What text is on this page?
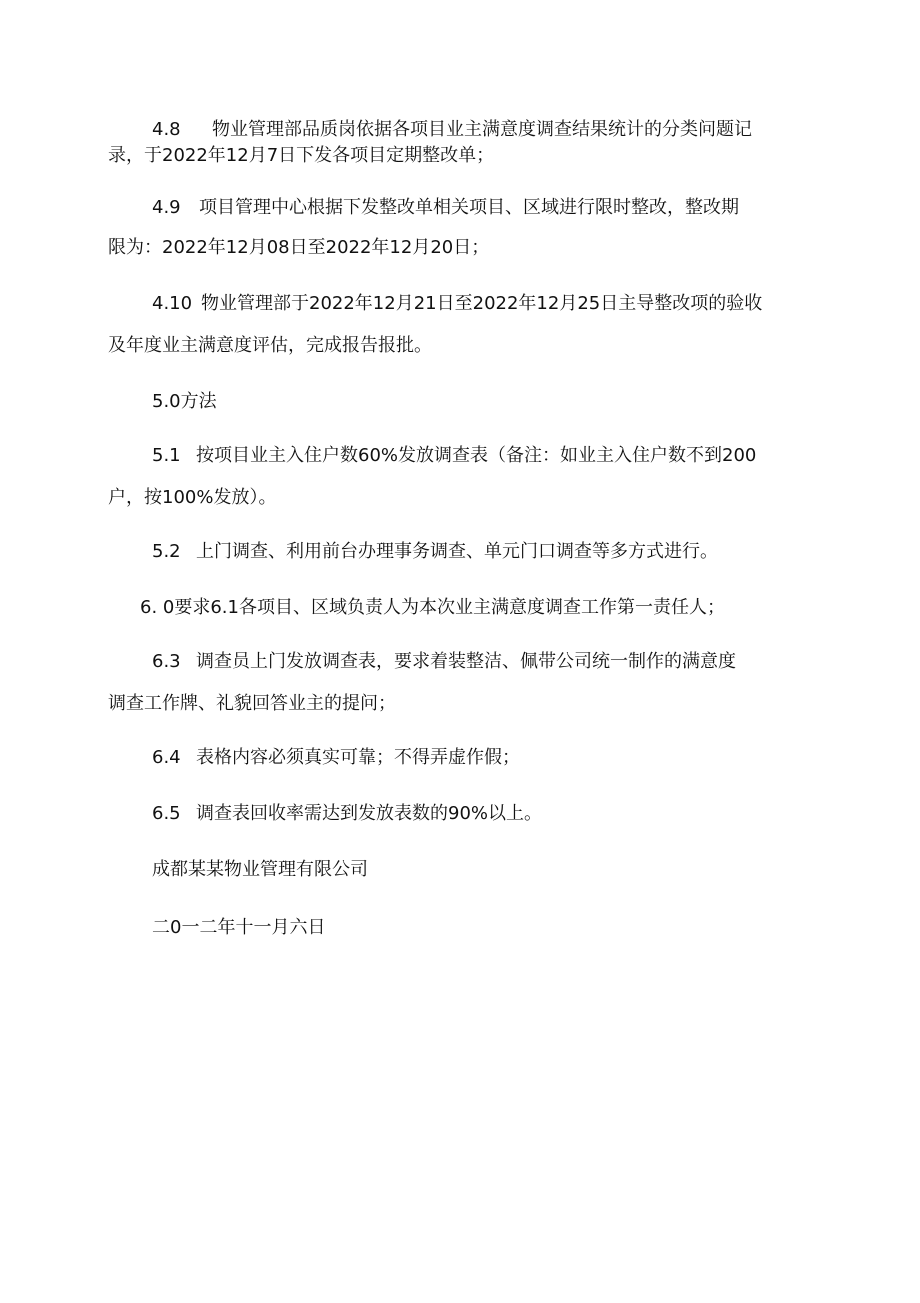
4.8 物业管理部品质岗依据各项目业主满意度调查结果统计的分类问题记
录，于2022年12月7日下发各项目定期整改单；
4.9 项目管理中心根据下发整改单相关项目、区域进行限时整改，整改期
限为：2022年12月08日至2022年12月20日；
4.10 物业管理部于2022年12月21日至2022年12月25日主导整改项的验收
及年度业主满意度评估，完成报告报批。
5.0方法
5.1 按项目业主入住户数60%发放调查表（备注：如业主入住户数不到200
户，按100%发放）。
5.2 上门调查、利用前台办理事务调查、单元门口调查等多方式进行。
6. 0要求6.1各项目、区域负责人为本次业主满意度调查工作第一责任人；
6.3 调查员上门发放调查表，要求着装整洁、佩带公司统一制作的满意度
调查工作牌、礼貌回答业主的提问；
6.4 表格内容必须真实可靠；不得弄虚作假；
6.5 调查表回收率需达到发放表数的90%以上。
成都某某物业管理有限公司
二0一二年十一月六日
